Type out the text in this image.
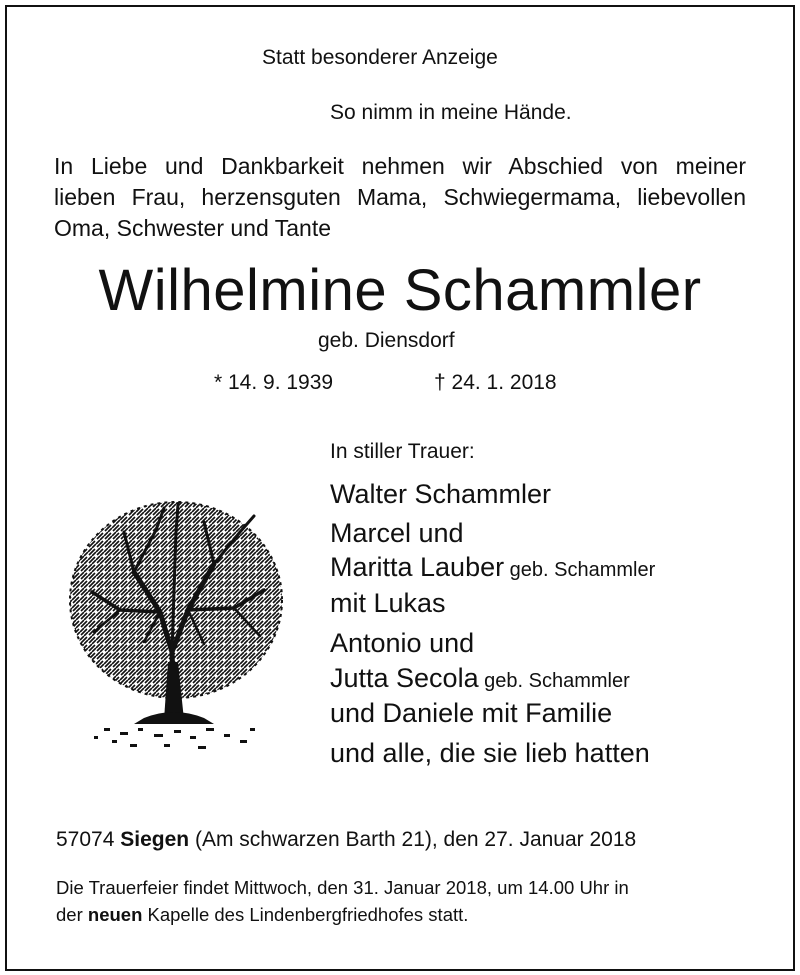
Statt besonderer Anzeige
So nimm in meine Hände.
In Liebe und Dankbarkeit nehmen wir Abschied von meiner
lieben Frau, herzensguten Mama, Schwiegermama, liebevollen
Oma, Schwester und Tante
Wilhelmine Schammler
geb. Diensdorf
* 14. 9. 1939	† 24. 1. 2018
In stiller Trauer:
Walter Schammler
Marcel und
Maritta Lauber geb. Schammler
mit Lukas
Antonio und
Jutta Secola geb. Schammler
und Daniele mit Familie
und alle, die sie lieb hatten
57074 Siegen (Am schwarzen Barth 21), den 27. Januar 2018
Die Trauerfeier findet Mittwoch, den 31. Januar 2018, um 14.00 Uhr in
der neuen Kapelle des Lindenbergfriedhofes statt.
